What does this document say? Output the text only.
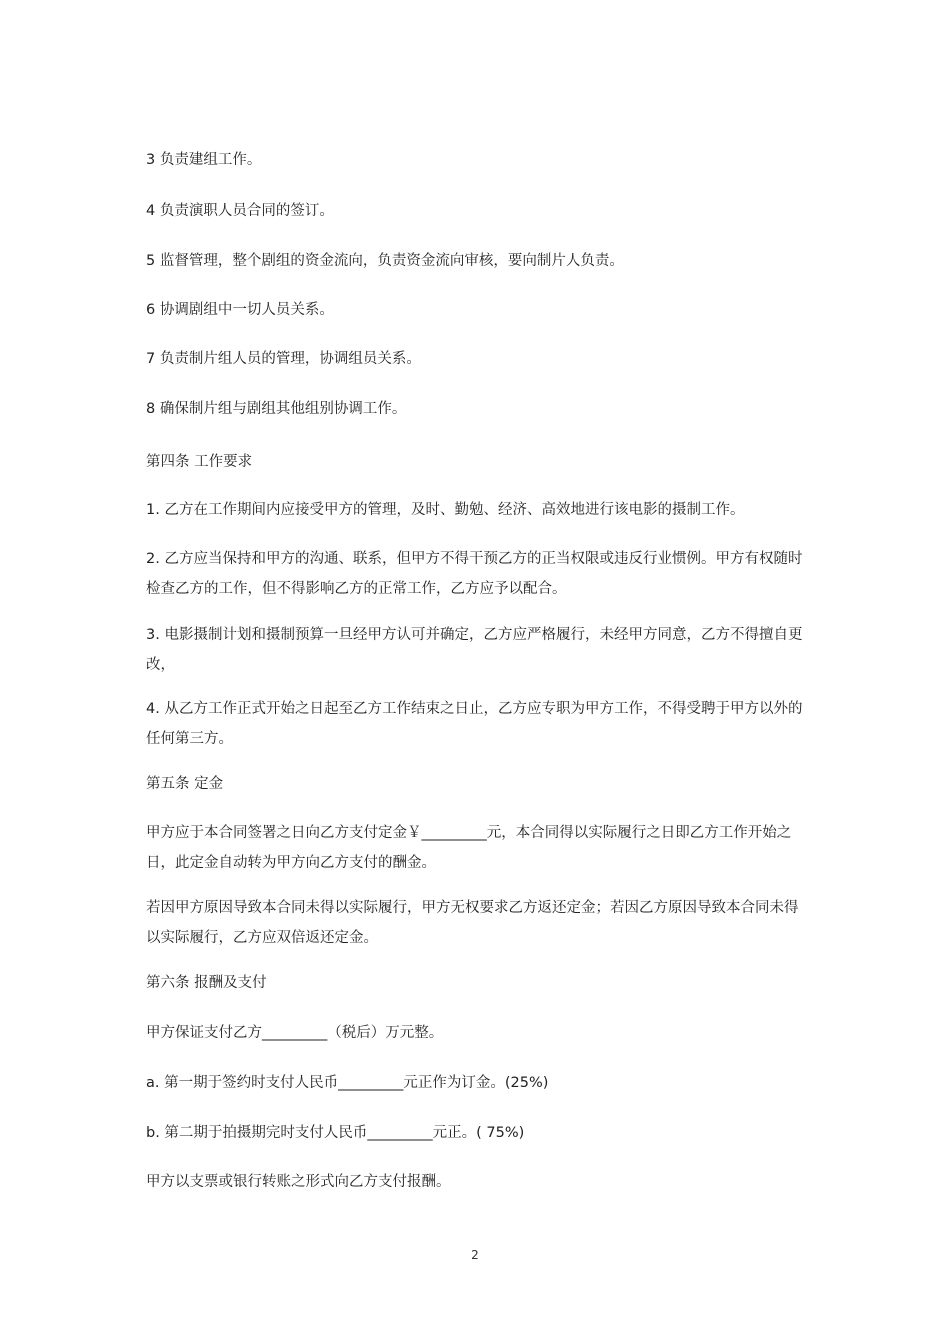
3 负责建组工作。

4 负责演职人员合同的签订。

5 监督管理，整个剧组的资金流向，负责资金流向审核，要向制片人负责。

6 协调剧组中一切人员关系。

7 负责制片组人员的管理，协调组员关系。

8 确保制片组与剧组其他组别协调工作。

第四条 工作要求

1. 乙方在工作期间内应接受甲方的管理，及时、勤勉、经济、高效地进行该电影的摄制工作。

2. 乙方应当保持和甲方的沟通、联系，但甲方不得干预乙方的正当权限或违反行业惯例。甲方有权随时检查乙方的工作，但不得影响乙方的正常工作，乙方应予以配合。

3. 电影摄制计划和摄制预算一旦经甲方认可并确定，乙方应严格履行，未经甲方同意，乙方不得擅自更改，

4. 从乙方工作正式开始之日起至乙方工作结束之日止，乙方应专职为甲方工作，不得受聘于甲方以外的任何第三方。

第五条 定金

甲方应于本合同签署之日向乙方支付定金￥_________元，本合同得以实际履行之日即乙方工作开始之日，此定金自动转为甲方向乙方支付的酬金。

若因甲方原因导致本合同未得以实际履行，甲方无权要求乙方返还定金；若因乙方原因导致本合同未得以实际履行，乙方应双倍返还定金。

第六条 报酬及支付

甲方保证支付乙方_________（税后）万元整。

a. 第一期于签约时支付人民币_________元正作为订金。(25%)

b. 第二期于拍摄期完时支付人民币_________元正。( 75%)

甲方以支票或银行转账之形式向乙方支付报酬。

2
